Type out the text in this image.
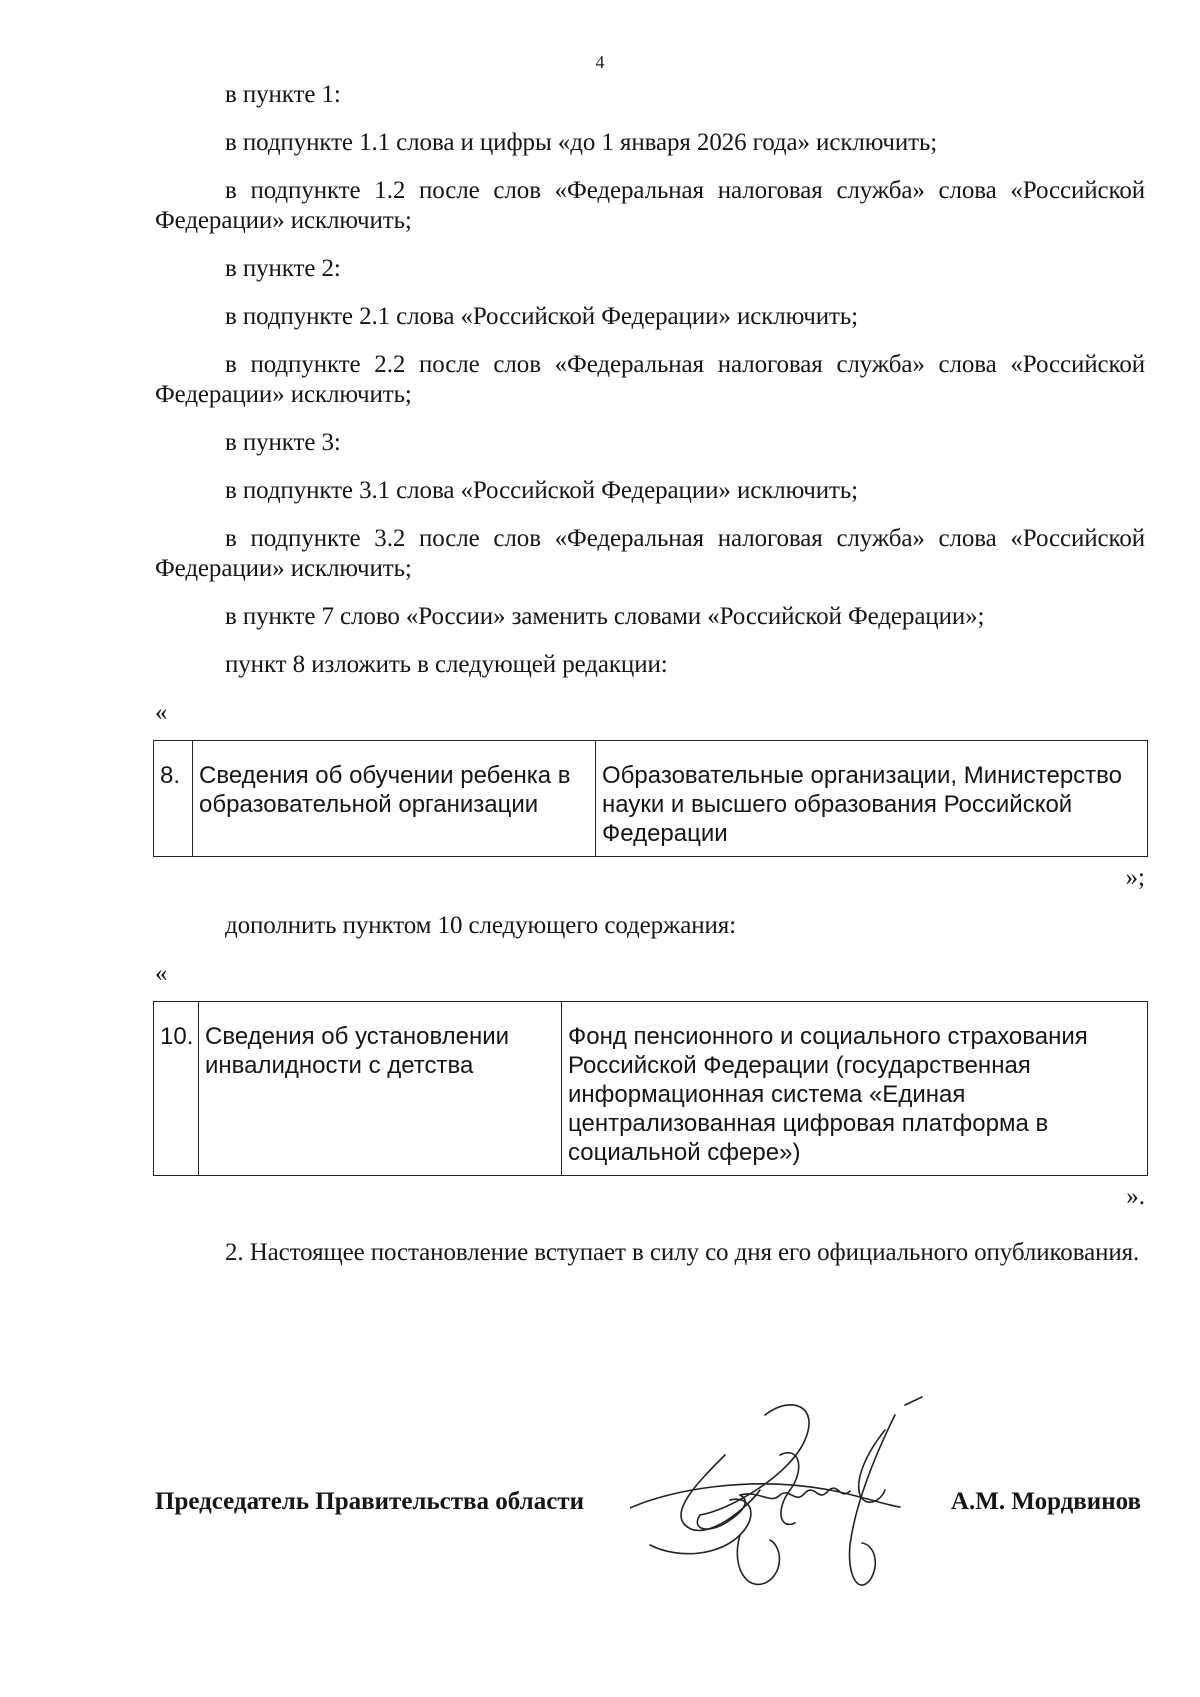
4

в пункте 1:

в подпункте 1.1 слова и цифры «до 1 января 2026 года» исключить;

в подпункте 1.2 после слов «Федеральная налоговая служба» слова «Российской Федерации» исключить;

в пункте 2:

в подпункте 2.1 слова «Российской Федерации» исключить;

в подпункте 2.2 после слов «Федеральная налоговая служба» слова «Российской Федерации» исключить;

в пункте 3:

в подпункте 3.1 слова «Российской Федерации» исключить;

в подпункте 3.2 после слов «Федеральная налоговая служба» слова «Российской Федерации» исключить;

в пункте 7 слово «России» заменить словами «Российской Федерации»;

пункт 8 изложить в следующей редакции:

«
8.	Сведения об обучении ребенка в образовательной организации	Образовательные организации, Министерство науки и высшего образования Российской Федерации
»;

дополнить пунктом 10 следующего содержания:

«
10.	Сведения об установлении инвалидности с детства	Фонд пенсионного и социального страхования Российской Федерации (государственная информационная система «Единая централизованная цифровая платформа в социальной сфере»)
».

2. Настоящее постановление вступает в силу со дня его официального опубликования.

Председатель Правительства области	А.М. Мордвинов
